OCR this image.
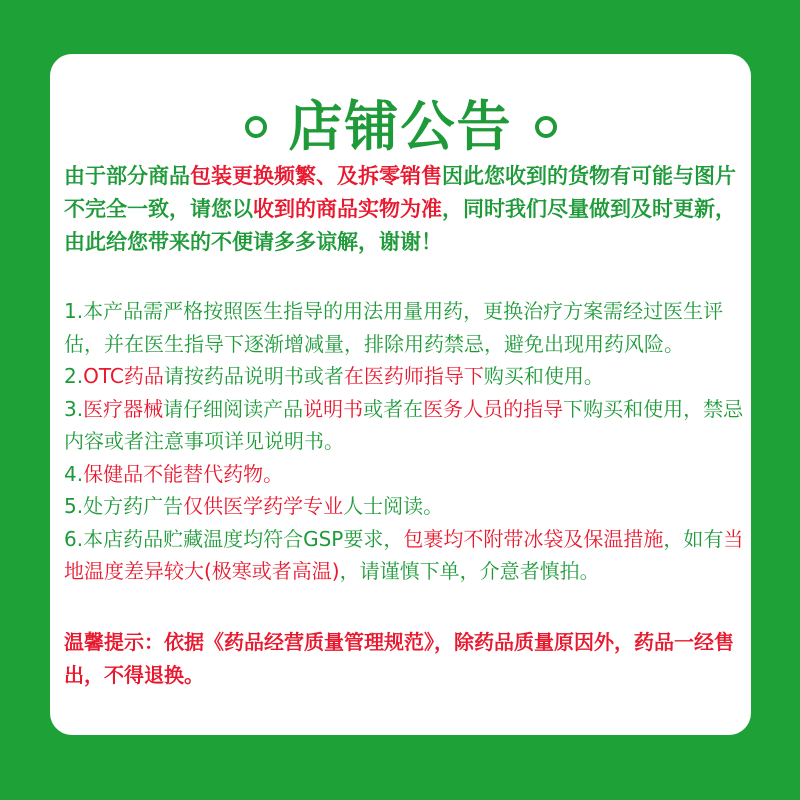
店铺公告
由于部分商品包装更换频繁、及拆零销售因此您收到的货物有可能与图片不完全一致，请您以收到的商品实物为准，同时我们尽量做到及时更新，由此给您带来的不便请多多谅解，谢谢！

1.本产品需严格按照医生指导的用法用量用药，更换治疗方案需经过医生评估，并在医生指导下逐渐增减量，排除用药禁忌，避免出现用药风险。

2.OTC药品请按药品说明书或者在医药师指导下购买和使用。

3.医疗器械请仔细阅读产品说明书或者在医务人员的指导下购买和使用，禁忌内容或者注意事项详见说明书。

4.保健品不能替代药物。

5.处方药广告仅供医学药学专业人士阅读。

6.本店药品贮藏温度均符合GSP要求，包裹均不附带冰袋及保温措施，如有当地温度差异较大(极寒或者高温)，请谨慎下单，介意者慎拍。

温馨提示：依据《药品经营质量管理规范》，除药品质量原因外，药品一经售出，不得退换。
